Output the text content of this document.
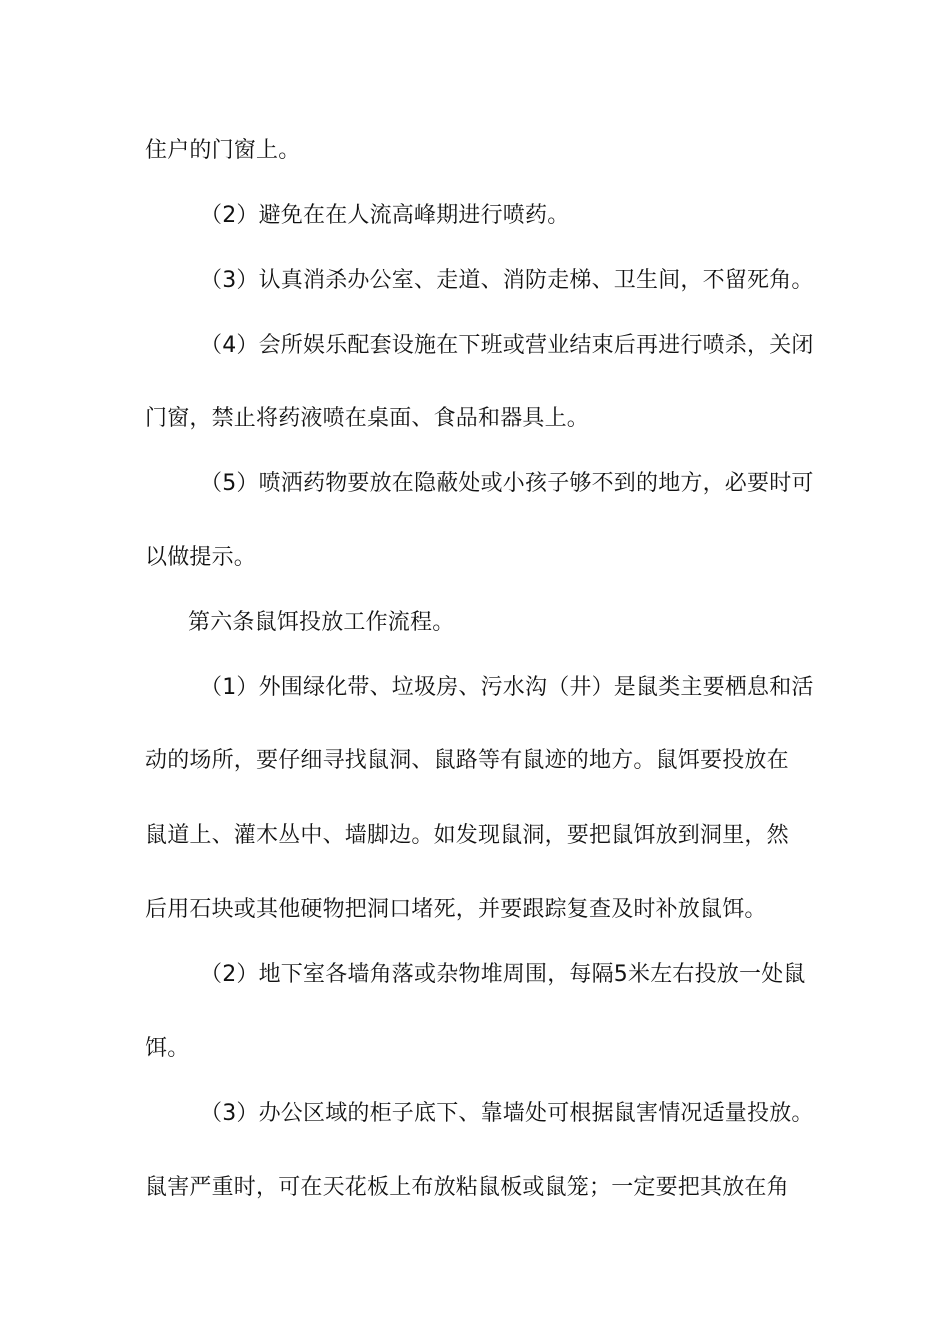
住户的门窗上。
（2）避免在在人流高峰期进行喷药。
（3）认真消杀办公室、走道、消防走梯、卫生间，不留死角。
（4）会所娱乐配套设施在下班或营业结束后再进行喷杀，关闭
门窗，禁止将药液喷在桌面、食品和器具上。
（5）喷洒药物要放在隐蔽处或小孩子够不到的地方，必要时可
以做提示。
第六条鼠饵投放工作流程。
（1）外围绿化带、垃圾房、污水沟（井）是鼠类主要栖息和活
动的场所，要仔细寻找鼠洞、鼠路等有鼠迹的地方。鼠饵要投放在
鼠道上、灌木丛中、墙脚边。如发现鼠洞，要把鼠饵放到洞里，然
后用石块或其他硬物把洞口堵死，并要跟踪复查及时补放鼠饵。
（2）地下室各墙角落或杂物堆周围，每隔5米左右投放一处鼠
饵。
（3）办公区域的柜子底下、靠墙处可根据鼠害情况适量投放。
鼠害严重时，可在天花板上布放粘鼠板或鼠笼；一定要把其放在角
